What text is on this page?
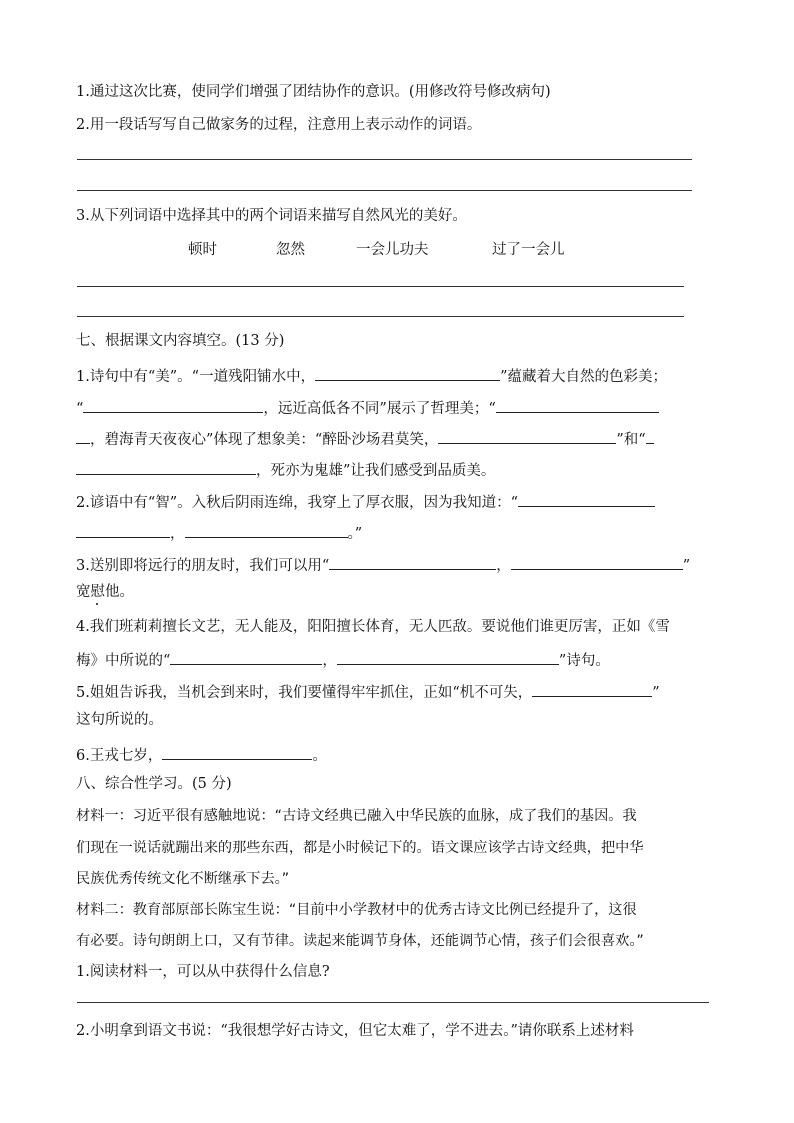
1.通过这次比赛，使同学们增强了团结协作的意识。(用修改符号修改病句)
2.用一段话写写自己做家务的过程，注意用上表示动作的词语。
3.从下列词语中选择其中的两个词语来描写自然风光的美好。
顿时	忽然	一会儿功夫	过了一会儿
七、根据课文内容填空。(13 分)
1.诗句中有“美”。“一道残阳铺水中，	”蕴藏着大自然的色彩美；
“	，远近高低各不同”展示了哲理美；“
，碧海青天夜夜心”体现了想象美：“醉卧沙场君莫笑，	”和“
，死亦为鬼雄”让我们感受到品质美。
2.谚语中有“智”。入秋后阴雨连绵，我穿上了厚衣服，因为我知道：“
，	。”
3.送别即将远行的朋友时，我们可以用“	，	”
宽慰他。
4.我们班莉莉擅长文艺，无人能及，阳阳擅长体育，无人匹敌。要说他们谁更厉害，正如《雪
梅》中所说的“	，	”诗句。
5.姐姐告诉我，当机会到来时，我们要懂得牢牢抓住，正如“机不可失，	”
这句所说的。
6.王戎七岁，	。
八、综合性学习。(5 分)
材料一：习近平很有感触地说：“古诗文经典已融入中华民族的血脉，成了我们的基因。我
们现在一说话就蹦出来的那些东西，都是小时候记下的。语文课应该学古诗文经典，把中华
民族优秀传统文化不断继承下去。”
材料二：教育部原部长陈宝生说：“目前中小学教材中的优秀古诗文比例已经提升了，这很
有必要。诗句朗朗上口，又有节律。读起来能调节身体，还能调节心情，孩子们会很喜欢。”
1.阅读材料一，可以从中获得什么信息?
2.小明拿到语文书说：“我很想学好古诗文，但它太难了，学不进去。”请你联系上述材料
